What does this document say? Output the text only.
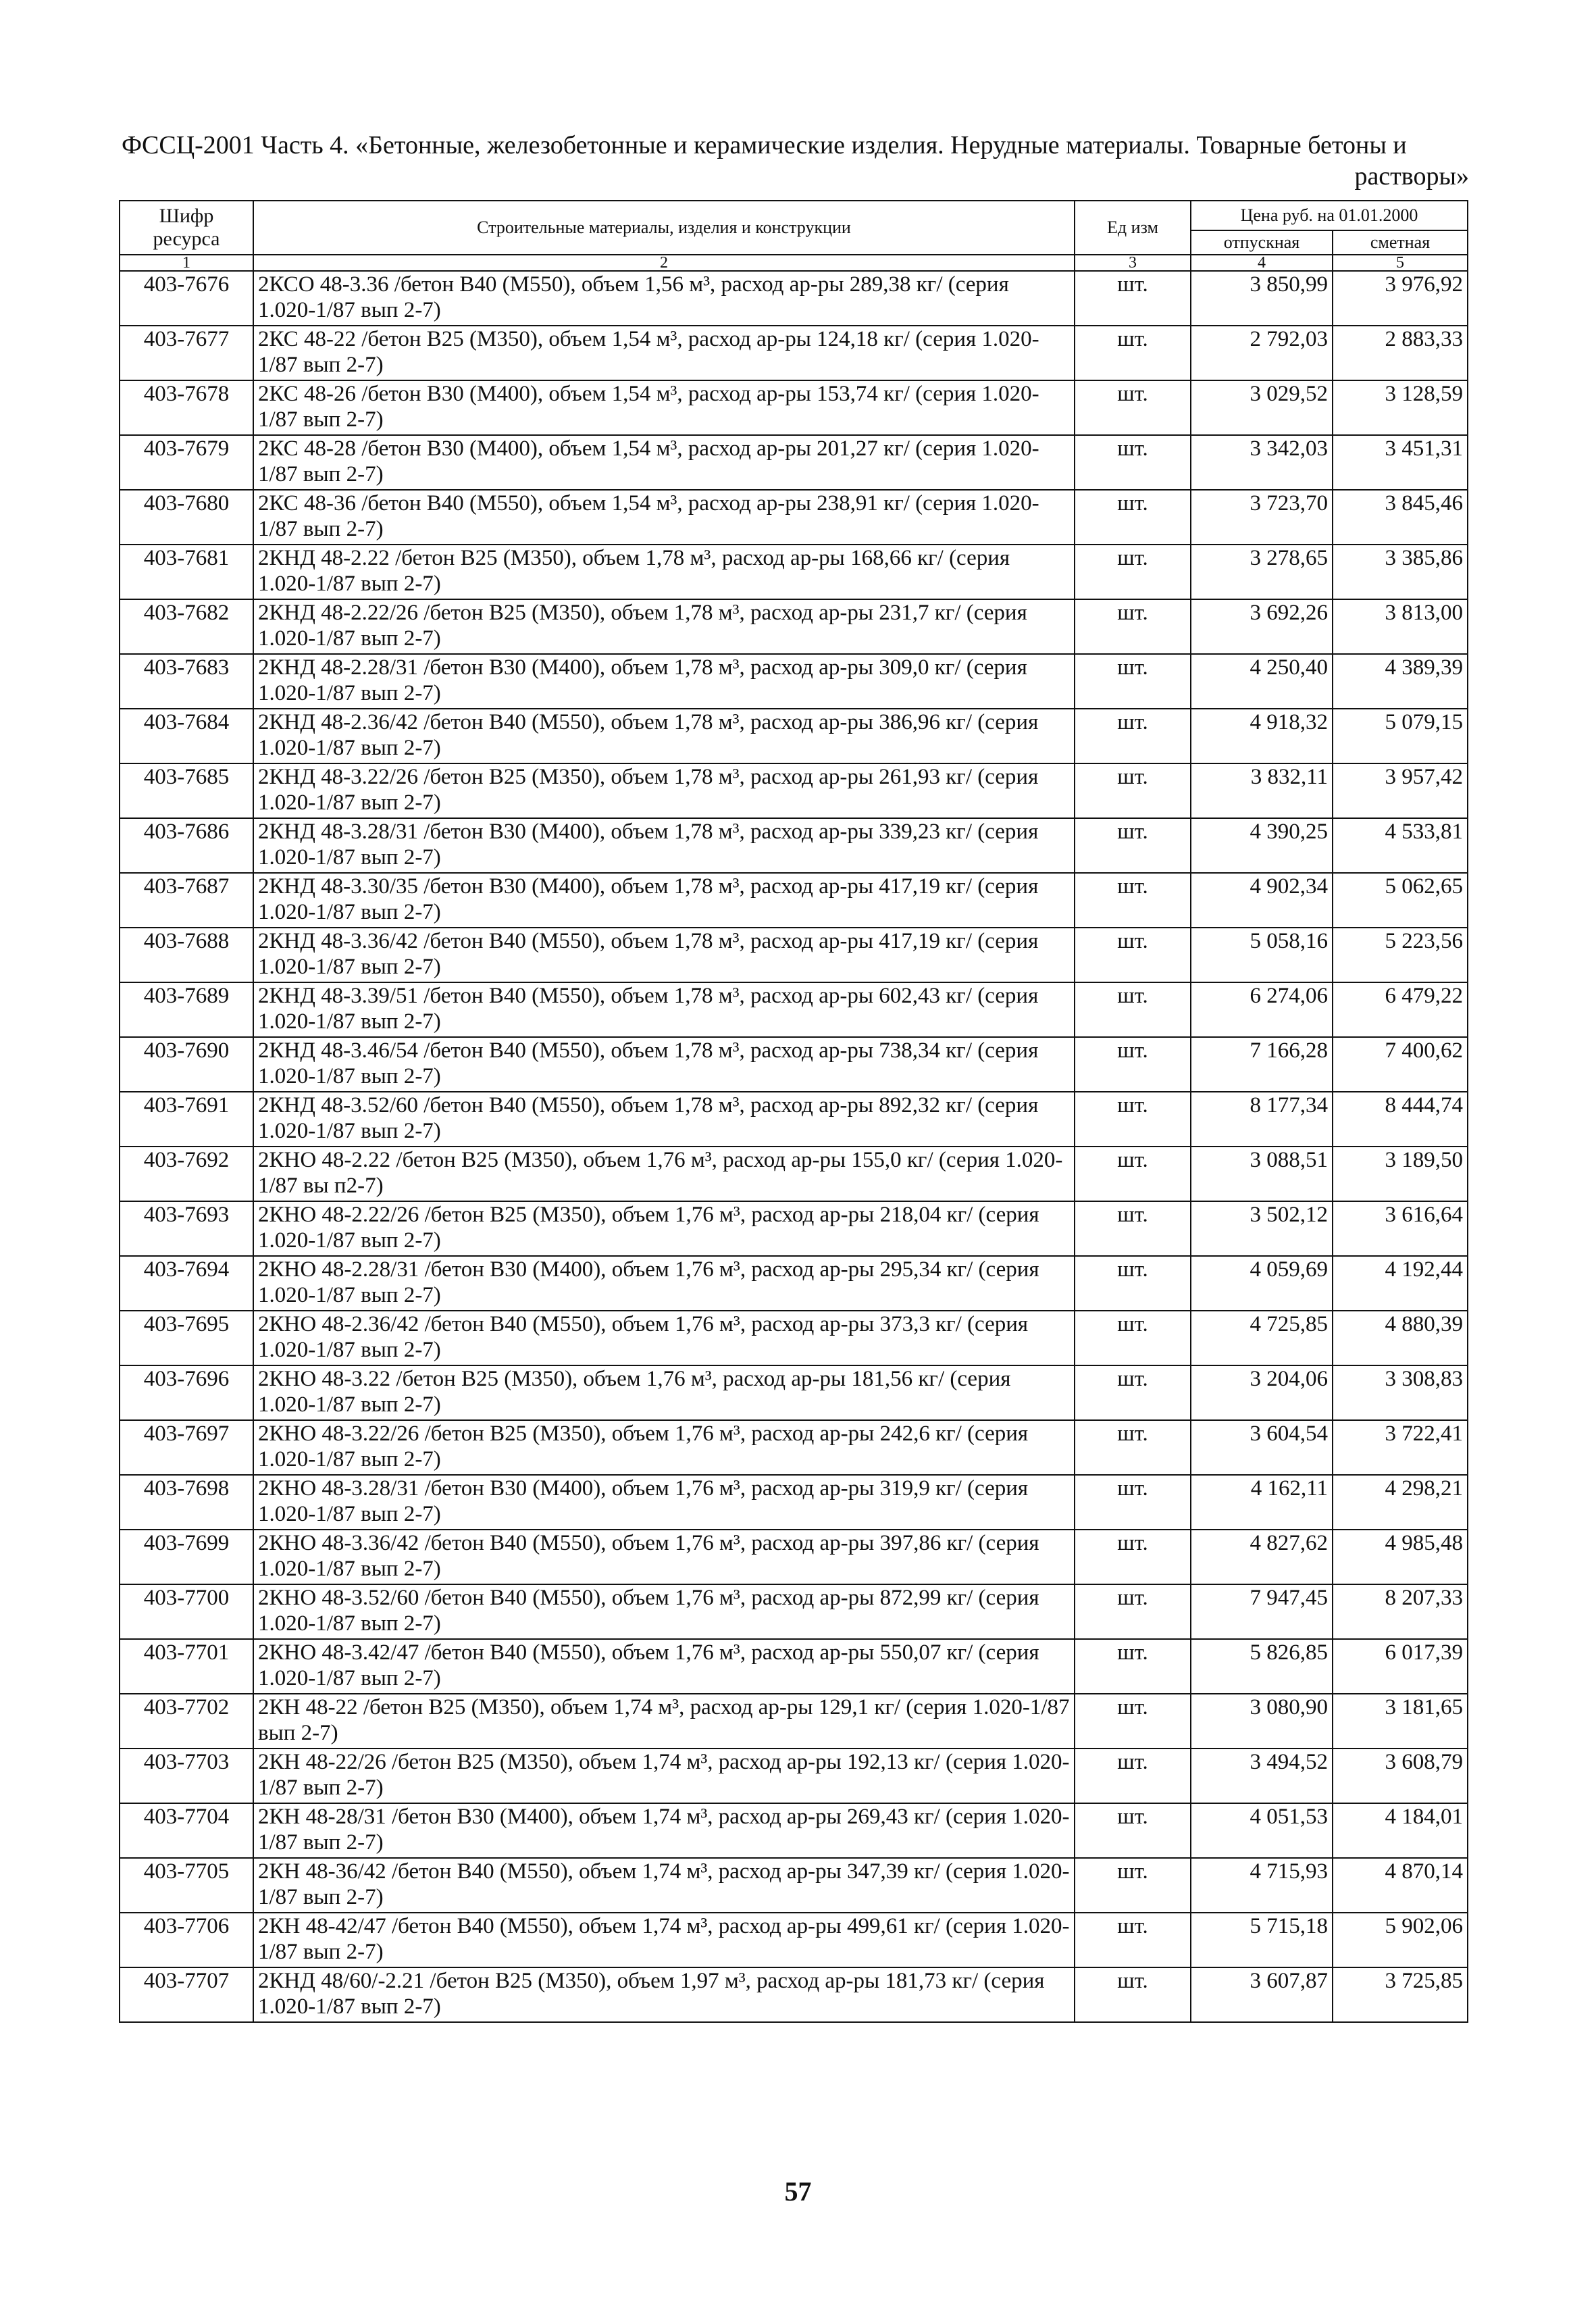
ФССЦ-2001 Часть 4. «Бетонные, железобетонные и керамические изделия. Нерудные материалы. Товарные бетоны и
растворы»
Шифр ресурса	Строительные материалы, изделия и конструкции	Ед изм	Цена руб. на 01.01.2000	
			отпускная	сметная
1	2	3	4	5
403-7676	2КСО 48-3.36 /бетон В40 (М550), объем 1,56 м³, расход ар-ры 289,38 кг/ (серия 1.020-1/87 вып 2-7)	шт.	3 850,99	3 976,92
403-7677	2КС 48-22 /бетон В25 (М350), объем 1,54 м³, расход ар-ры 124,18 кг/ (серия 1.020-1/87 вып 2-7)	шт.	2 792,03	2 883,33
403-7678	2КС 48-26 /бетон В30 (М400), объем 1,54 м³, расход ар-ры 153,74 кг/ (серия 1.020-1/87 вып 2-7)	шт.	3 029,52	3 128,59
403-7679	2КС 48-28 /бетон В30 (М400), объем 1,54 м³, расход ар-ры 201,27 кг/ (серия 1.020-1/87 вып 2-7)	шт.	3 342,03	3 451,31
403-7680	2КС 48-36 /бетон В40 (М550), объем 1,54 м³, расход ар-ры 238,91 кг/ (серия 1.020-1/87 вып 2-7)	шт.	3 723,70	3 845,46
403-7681	2КНД 48-2.22 /бетон В25 (М350), объем 1,78 м³, расход ар-ры 168,66 кг/ (серия 1.020-1/87 вып 2-7)	шт.	3 278,65	3 385,86
403-7682	2КНД 48-2.22/26 /бетон В25 (М350), объем 1,78 м³, расход ар-ры 231,7 кг/ (серия 1.020-1/87 вып 2-7)	шт.	3 692,26	3 813,00
403-7683	2КНД 48-2.28/31 /бетон В30 (М400), объем 1,78 м³, расход ар-ры 309,0 кг/ (серия 1.020-1/87 вып 2-7)	шт.	4 250,40	4 389,39
403-7684	2КНД 48-2.36/42 /бетон В40 (М550), объем 1,78 м³, расход ар-ры 386,96 кг/ (серия 1.020-1/87 вып 2-7)	шт.	4 918,32	5 079,15
403-7685	2КНД 48-3.22/26 /бетон В25 (М350), объем 1,78 м³, расход ар-ры 261,93 кг/ (серия 1.020-1/87 вып 2-7)	шт.	3 832,11	3 957,42
403-7686	2КНД 48-3.28/31 /бетон В30 (М400), объем 1,78 м³, расход ар-ры 339,23 кг/ (серия 1.020-1/87 вып 2-7)	шт.	4 390,25	4 533,81
403-7687	2КНД 48-3.30/35 /бетон В30 (М400), объем 1,78 м³, расход ар-ры 417,19 кг/ (серия 1.020-1/87 вып 2-7)	шт.	4 902,34	5 062,65
403-7688	2КНД 48-3.36/42 /бетон В40 (М550), объем 1,78 м³, расход ар-ры 417,19 кг/ (серия 1.020-1/87 вып 2-7)	шт.	5 058,16	5 223,56
403-7689	2КНД 48-3.39/51 /бетон В40 (М550), объем 1,78 м³, расход ар-ры 602,43 кг/ (серия 1.020-1/87 вып 2-7)	шт.	6 274,06	6 479,22
403-7690	2КНД 48-3.46/54 /бетон В40 (М550), объем 1,78 м³, расход ар-ры 738,34 кг/ (серия 1.020-1/87 вып 2-7)	шт.	7 166,28	7 400,62
403-7691	2КНД 48-3.52/60 /бетон В40 (М550), объем 1,78 м³, расход ар-ры 892,32 кг/ (серия 1.020-1/87 вып 2-7)	шт.	8 177,34	8 444,74
403-7692	2КНО 48-2.22 /бетон В25 (М350), объем 1,76 м³, расход ар-ры 155,0 кг/ (серия 1.020-1/87 вы п2-7)	шт.	3 088,51	3 189,50
403-7693	2КНО 48-2.22/26 /бетон В25 (М350), объем 1,76 м³, расход ар-ры 218,04 кг/ (серия 1.020-1/87 вып 2-7)	шт.	3 502,12	3 616,64
403-7694	2КНО 48-2.28/31 /бетон В30 (М400), объем 1,76 м³, расход ар-ры 295,34 кг/ (серия 1.020-1/87 вып 2-7)	шт.	4 059,69	4 192,44
403-7695	2КНО 48-2.36/42 /бетон В40 (М550), объем 1,76 м³, расход ар-ры 373,3 кг/ (серия 1.020-1/87 вып 2-7)	шт.	4 725,85	4 880,39
403-7696	2КНО 48-3.22 /бетон В25 (М350), объем 1,76 м³, расход ар-ры 181,56 кг/ (серия 1.020-1/87 вып 2-7)	шт.	3 204,06	3 308,83
403-7697	2КНО 48-3.22/26 /бетон В25 (М350), объем 1,76 м³, расход ар-ры 242,6 кг/ (серия 1.020-1/87 вып 2-7)	шт.	3 604,54	3 722,41
403-7698	2КНО 48-3.28/31 /бетон В30 (М400), объем 1,76 м³, расход ар-ры 319,9 кг/ (серия 1.020-1/87 вып 2-7)	шт.	4 162,11	4 298,21
403-7699	2КНО 48-3.36/42 /бетон В40 (М550), объем 1,76 м³, расход ар-ры 397,86 кг/ (серия 1.020-1/87 вып 2-7)	шт.	4 827,62	4 985,48
403-7700	2КНО 48-3.52/60 /бетон В40 (М550), объем 1,76 м³, расход ар-ры 872,99 кг/ (серия 1.020-1/87 вып 2-7)	шт.	7 947,45	8 207,33
403-7701	2КНО 48-3.42/47 /бетон В40 (М550), объем 1,76 м³, расход ар-ры 550,07 кг/ (серия 1.020-1/87 вып 2-7)	шт.	5 826,85	6 017,39
403-7702	2КН 48-22 /бетон В25 (М350), объем 1,74 м³, расход ар-ры 129,1 кг/ (серия 1.020-1/87 вып 2-7)	шт.	3 080,90	3 181,65
403-7703	2КН 48-22/26 /бетон В25 (М350), объем 1,74 м³, расход ар-ры 192,13 кг/ (серия 1.020-1/87 вып 2-7)	шт.	3 494,52	3 608,79
403-7704	2КН 48-28/31 /бетон В30 (М400), объем 1,74 м³, расход ар-ры 269,43 кг/ (серия 1.020-1/87 вып 2-7)	шт.	4 051,53	4 184,01
403-7705	2КН 48-36/42 /бетон В40 (М550), объем 1,74 м³, расход ар-ры 347,39 кг/ (серия 1.020-1/87 вып 2-7)	шт.	4 715,93	4 870,14
403-7706	2КН 48-42/47 /бетон В40 (М550), объем 1,74 м³, расход ар-ры 499,61 кг/ (серия 1.020-1/87 вып 2-7)	шт.	5 715,18	5 902,06
403-7707	2КНД 48/60/-2.21 /бетон В25 (М350), объем 1,97 м³, расход ар-ры 181,73 кг/ (серия 1.020-1/87 вып 2-7)	шт.	3 607,87	3 725,85
57
